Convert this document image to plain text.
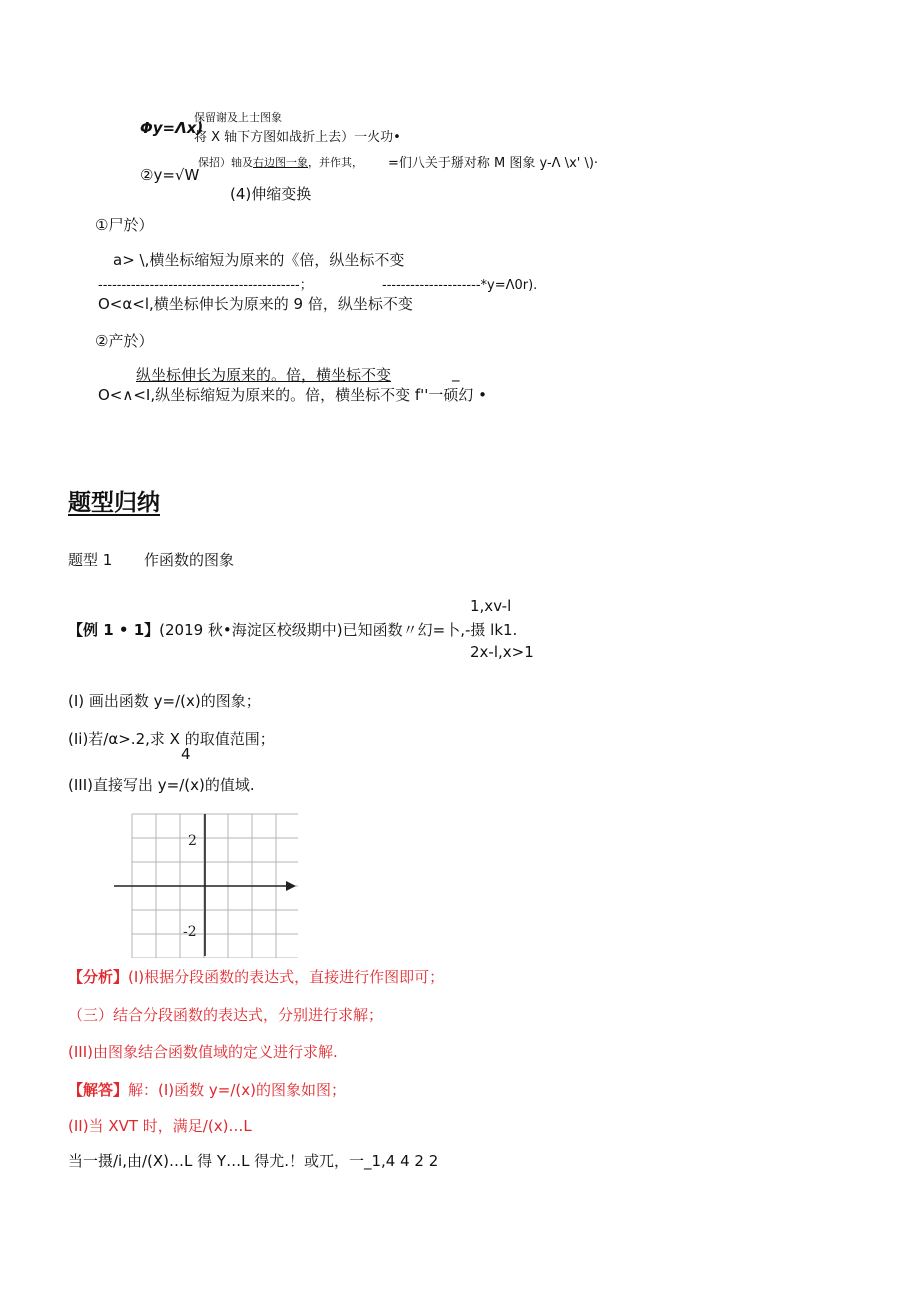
Φy=Λx)
保留谢及上士图象
将 X 轴下方图如战折上去）一火功•
②y=√W
保招）轴及右边图一象，并作其， =们八关于掰对称 M 图象 y-Λ \x' \)·
(4)伸缩变换
①尸於）
a> \,横坐标缩短为原来的《倍，纵坐标不变
-------------------------------------------；	---------------------*y=Λ0r).
O<α<l,横坐标伸长为原来的 9 倍，纵坐标不变
②产於）
纵坐标伸长为原来的。倍，横坐标不变	_
O<∧<I,纵坐标缩短为原来的。倍，横坐标不变 f''一硕幻 •
题型归纳
题型 1 作函数的图象
1,xv-l
【例 1 • 1】(2019 秋•海淀区校级期中)已知函数〃幻=卜,-摄 lk1.
2x-l,x>1
(I) 画出函数 y=/(x)的图象；
(Ii)若/α>.2,求 X 的取值范围；
4
(III)直接写出 y=/(x)的值域.
2
-2
【分析】(I)根据分段函数的表达式，直接进行作图即可；
（三）结合分段函数的表达式，分别进行求解；
(III)由图象结合函数值域的定义进行求解.
【解答】解：(I)函数 y=/(x)的图象如图；
(II)当 XVT 时，满足/(x)…L
当一摄/i,由/(X)…L 得 Y…L 得尤.！或兀，一_1,4 4 2 2
